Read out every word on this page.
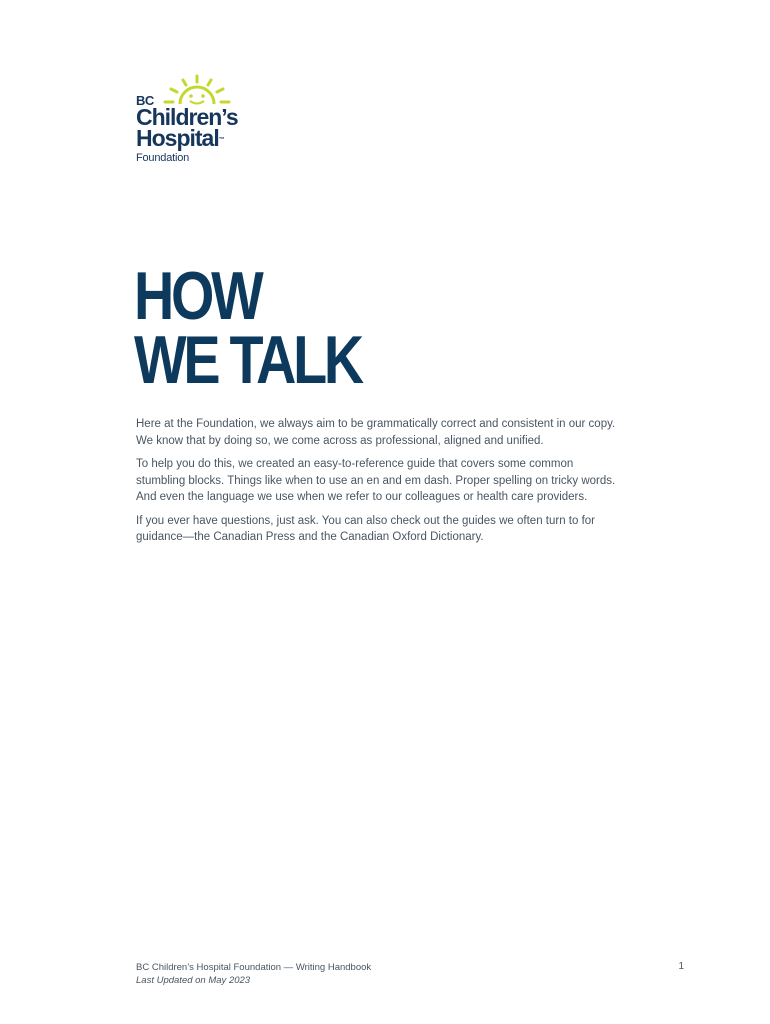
BC
Children’s
Hospital™
Foundation
HOW
WE TALK

Here at the Foundation, we always aim to be grammatically correct and consistent in our copy. We know that by doing so, we come across as professional, aligned and unified.

To help you do this, we created an easy-to-reference guide that covers some common stumbling blocks. Things like when to use an en and em dash. Proper spelling on tricky words. And even the language we use when we refer to our colleagues or health care providers.

If you ever have questions, just ask. You can also check out the guides we often turn to for guidance—the Canadian Press and the Canadian Oxford Dictionary.

BC Children’s Hospital Foundation — Writing Handbook
Last Updated on May 2023
1
